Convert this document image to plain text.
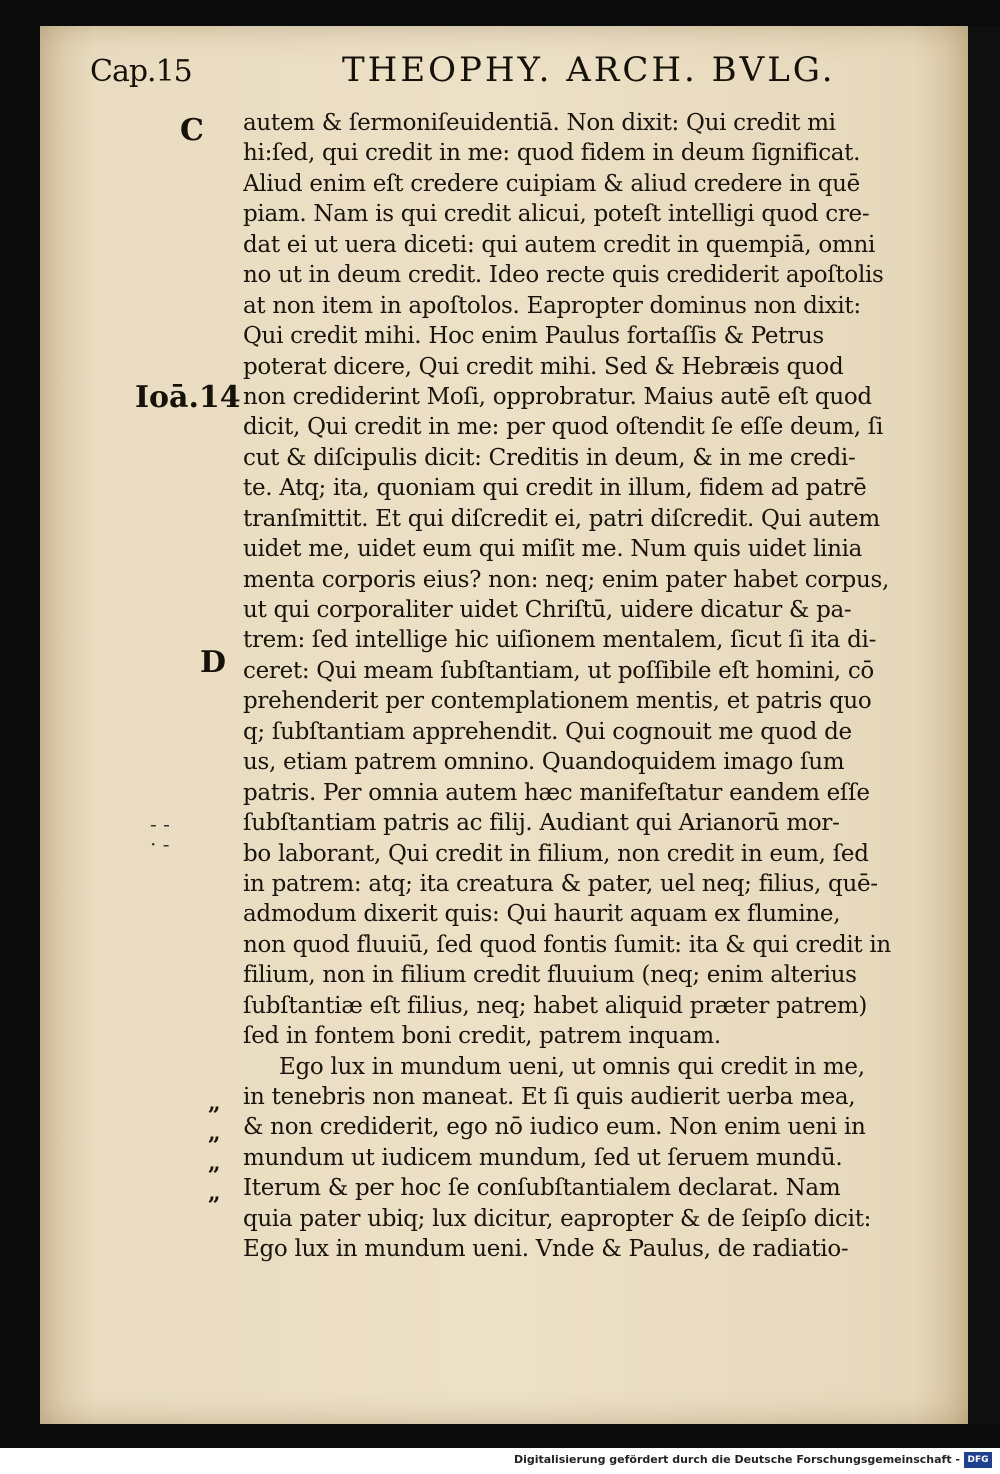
Cap.15	THEOPHY. ARCH. BVLG.
C
Ioā.14
D
- -
· -
„
„
„
„
autem & ſermoniſeuidentiā. Non dixit: Qui credit mi
hi:ſed, qui credit in me: quod fidem in deum ſignificat.
Aliud enim eſt credere cuipiam & aliud credere in quē
piam. Nam is qui credit alicui, poteſt intelligi quod cre-
dat ei ut uera diceti: qui autem credit in quempiā, omni
no ut in deum credit. Ideo recte quis crediderit apoſtolis
at non item in apoſtolos. Eapropter dominus non dixit:
Qui credit mihi. Hoc enim Paulus fortaſſis & Petrus
poterat dicere, Qui credit mihi. Sed & Hebræis quod
non crediderint Moſi, opprobratur. Maius autē eſt quod
dicit, Qui credit in me: per quod oſtendit ſe eſſe deum, ſi
cut & diſcipulis dicit: Creditis in deum, & in me credi-
te. Atq; ita, quoniam qui credit in illum, fidem ad patrē
tranſmittit. Et qui diſcredit ei, patri diſcredit. Qui autem
uidet me, uidet eum qui miſit me. Num quis uidet linia
menta corporis eius? non: neq; enim pater habet corpus,
ut qui corporaliter uidet Chriſtū, uidere dicatur & pa-
trem: ſed intellige hic uiſionem mentalem, ſicut ſi ita di-
ceret: Qui meam ſubſtantiam, ut poſſibile eſt homini, cō
prehenderit per contemplationem mentis, et patris quo
q; ſubſtantiam apprehendit. Qui cognouit me quod de
us, etiam patrem omnino. Quandoquidem imago ſum
patris. Per omnia autem hæc manifeſtatur eandem eſſe
ſubſtantiam patris ac filij. Audiant qui Arianorū mor-
bo laborant, Qui credit in filium, non credit in eum, ſed
in patrem: atq; ita creatura & pater, uel neq; filius, quē-
admodum dixerit quis: Qui haurit aquam ex flumine,
non quod fluuiū, ſed quod fontis ſumit: ita & qui credit in
filium, non in filium credit fluuium (neq; enim alterius
ſubſtantiæ eſt filius, neq; habet aliquid præter patrem)
ſed in fontem boni credit, patrem inquam.
Ego lux in mundum ueni, ut omnis qui credit in me,
in tenebris non maneat. Et ſi quis audierit uerba mea,
& non crediderit, ego nō iudico eum. Non enim ueni in
mundum ut iudicem mundum, ſed ut ſeruem mundū.
Iterum & per hoc ſe conſubſtantialem declarat. Nam
quia pater ubiq; lux dicitur, eapropter & de ſeipſo dicit:
Ego lux in mundum ueni. Vnde & Paulus, de radiatio-
Digitalisierung gefördert durch die Deutsche Forschungsgemeinschaft - DFG
